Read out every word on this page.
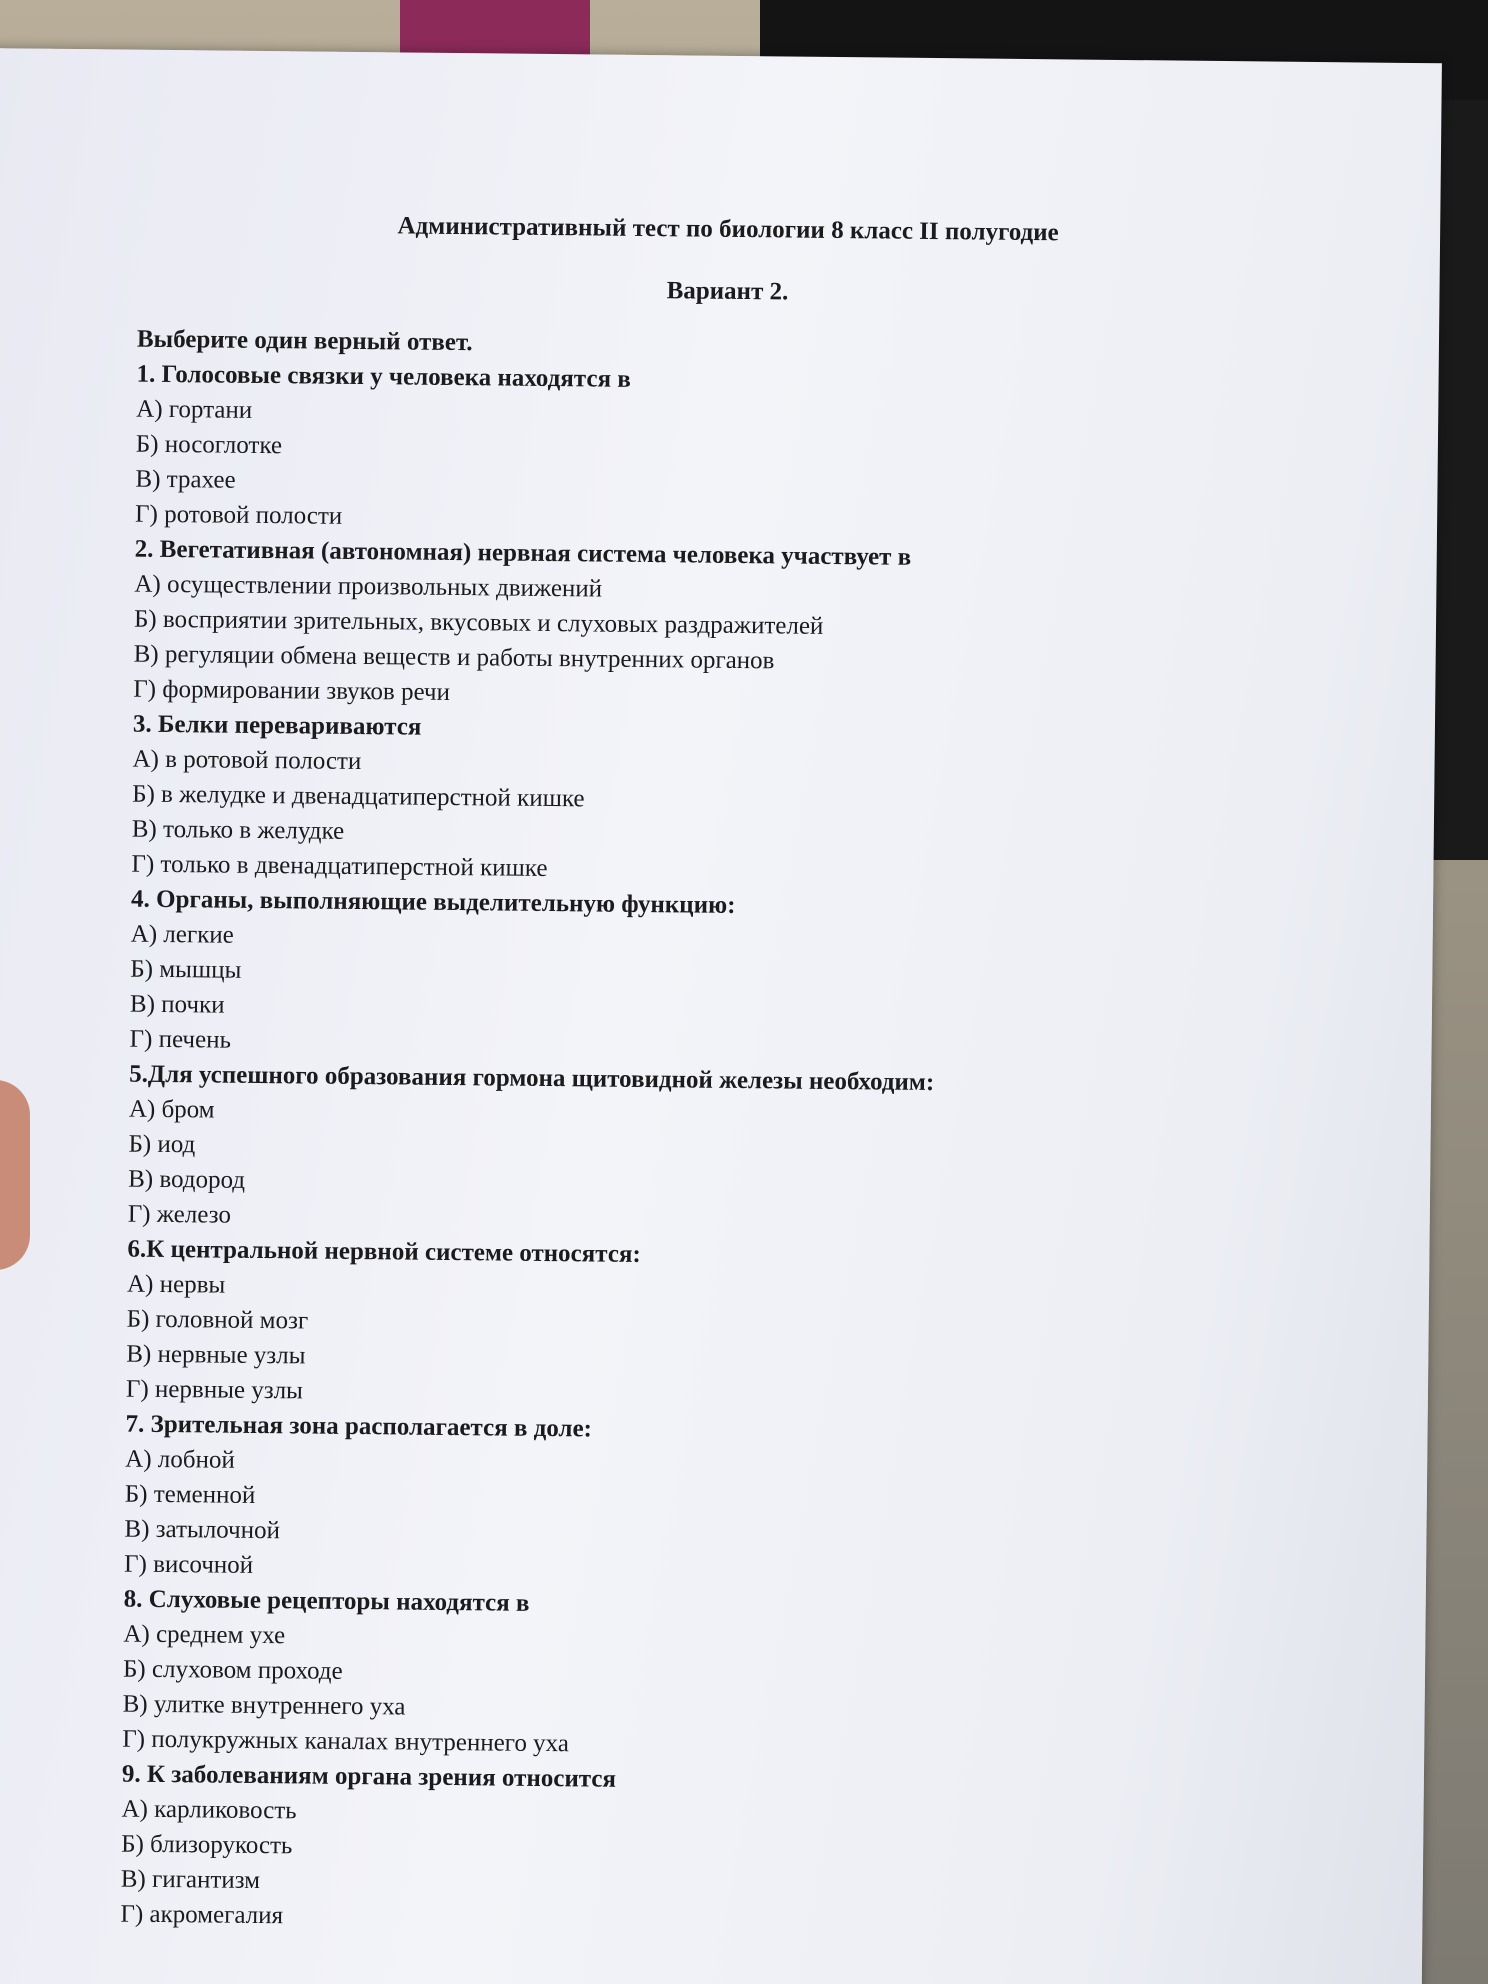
Административный тест по биологии 8 класс II полугодие
Вариант 2.
Выберите один верный ответ.
1. Голосовые связки у человека находятся в
А) гортани
Б) носоглотке
В) трахее
Г) ротовой полости
2. Вегетативная (автономная) нервная система человека участвует в
А) осуществлении произвольных движений
Б) восприятии зрительных, вкусовых и слуховых раздражителей
В) регуляции обмена веществ и работы внутренних органов
Г) формировании звуков речи
3. Белки перевариваются
А) в ротовой полости
Б) в желудке и двенадцатиперстной кишке
В) только в желудке
Г) только в двенадцатиперстной кишке
4. Органы, выполняющие выделительную функцию:
А) легкие
Б) мышцы
В) почки
Г) печень
5.Для успешного образования гормона щитовидной железы необходим:
А) бром
Б) иод
В) водород
Г) железо
6.К центральной нервной системе относятся:
А) нервы
Б) головной мозг
В) нервные узлы
Г) нервные узлы
7. Зрительная зона располагается в доле:
А) лобной
Б) теменной
В) затылочной
Г) височной
8. Слуховые рецепторы находятся в
А) среднем ухе
Б) слуховом проходе
В) улитке внутреннего уха
Г) полукружных каналах внутреннего уха
9. К заболеваниям органа зрения относится
А) карликовость
Б) близорукость
В) гигантизм
Г) акромегалия
